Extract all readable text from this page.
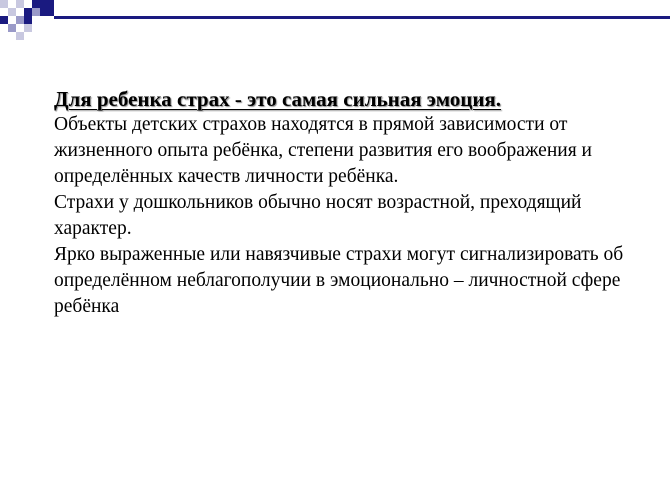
Для ребенка страх - это самая сильная эмоция.

Объекты детских страхов находятся в прямой зависимости от жизненного опыта ребёнка, степени развития его воображения и определённых качеств личности ребёнка.

Страхи у дошкольников обычно носят возрастной, преходящий характер.

Ярко выраженные или навязчивые страхи могут сигнализировать об определённом неблагополучии в эмоционально – личностной сфере ребёнка
